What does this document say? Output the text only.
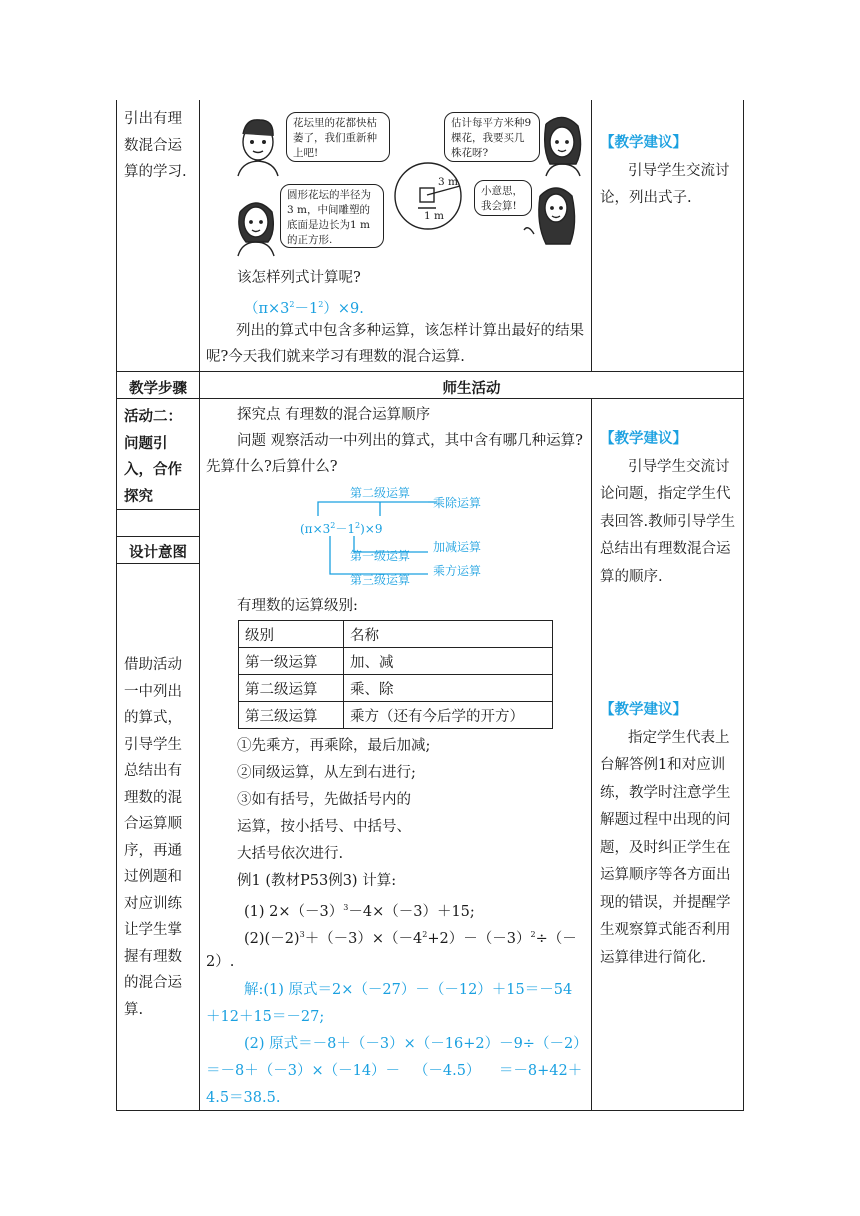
引出有理数混合运算的学习.
花坛里的花都快枯萎了，我们重新种上吧!
估计每平方米种9棵花，我要买几株花呀?
圆形花坛的半径为3 m，中间雕塑的底面是边长为1 m的正方形.
小意思，我会算!
3 m
1 m
该怎样列式计算呢?
$(\pi\times 3^2-1^2)\times 9$.
列出的算式中包含多种运算，该怎样计算出最好的结果呢?今天我们就来学习有理数的混合运算.
【教学建议】
引导学生交流讨论，列出式子.
教学步骤	师生活动
活动二：问题引入，合作探究
设计意图
借助活动一中列出的算式，引导学生总结出有理数的混合运算顺序，再通过例题和对应训练让学生掌握有理数的混合运算.
探究点 有理数的混合运算顺序
问题 观察活动一中列出的算式，其中含有哪几种运算?先算什么?后算什么?
第二级运算
乘除运算
$(\pi\times 3^2-1^2)\times 9$
加减运算
第一级运算
乘方运算
第三级运算
有理数的运算级别:
级别	名称
第一级运算	加、减
第二级运算	乘、除
第三级运算	乘方（还有今后学的开方）
①先乘方，再乘除，最后加减;
②同级运算，从左到右进行;
③如有括号，先做括号内的
运算，按小括号、中括号、
大括号依次进行.
例1 (教材P53例3) 计算:
(1) $2\times(-3)^3-4\times(-3)+15$;
$(2)(-2)^3+(-3)\times(-4^2+2)-(-3)^2\div(-$
2）.
解:(1) 原式＝2×（－27）－（－12）＋15＝－54
＋12＋15＝－27;
(2) 原式＝－8＋（－3）×（－16+2）－9÷（－2）
＝－8＋（－3）×（－14）－   （－4.5）    ＝－8+42＋
4.5＝38.5.
【教学建议】
引导学生交流讨论问题，指定学生代表回答.教师引导学生总结出有理数混合运算的顺序.
【教学建议】
指定学生代表上台解答例1和对应训练，教学时注意学生解题过程中出现的问题，及时纠正学生在运算顺序等各方面出现的错误，并提醒学生观察算式能否利用运算律进行简化.
